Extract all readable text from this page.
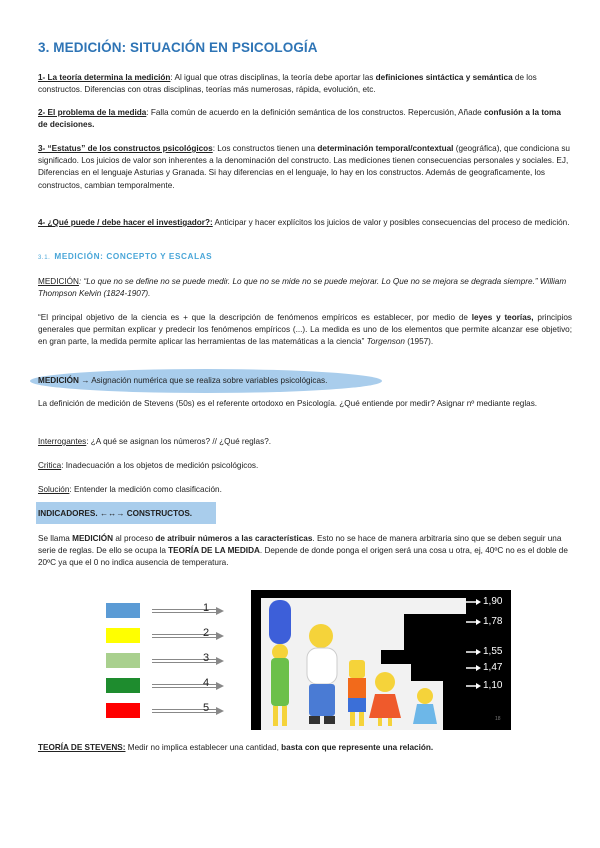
3. MEDICIÓN: SITUACIÓN EN PSICOLOGÍA

1- La teoría determina la medición: Al igual que otras disciplinas, la teoría debe aportar las definiciones sintáctica y semántica de los constructos. Diferencias con otras disciplinas, teorías más numerosas, rápida, evolución, etc.

2- El problema de la medida: Falla común de acuerdo en la definición semántica de los constructos. Repercusión, Añade confusión a la toma de decisiones.

3- “Estatus” de los constructos psicológicos: Los constructos tienen una determinación temporal/contextual (geográfica), que condiciona su significado. Los juicios de valor son inherentes a la denominación del constructo. Las mediciones tienen consecuencias personales y sociales. EJ, Diferencias en el lenguaje Asturias y Granada. Si hay diferencias en el lenguaje, lo hay en los constructos. Además de geograficamente, los constructos, cambian temporalmente.

4- ¿Qué puede / debe hacer el investigador?: Anticipar y hacer explícitos los juicios de valor y posibles consecuencias del proceso de medición.

3.1. MEDICIÓN: CONCEPTO Y ESCALAS

MEDICIÓN: “Lo que no se define no se puede medir. Lo que no se mide no se puede mejorar. Lo Que no se mejora se degrada siempre.” William Thompson Kelvin (1824-1907).

“El principal objetivo de la ciencia es + que la descripción de fenómenos empíricos es establecer, por medio de leyes y teorías, principios generales que permitan explicar y predecir los fenómenos empíricos (...). La medida es uno de los elementos que permite alcanzar ese objetivo; en gran parte, la medida permite aplicar las herramientas de las matemáticas a la ciencia” Torgenson (1957).

MEDICIÓN → Asignación numérica que se realiza sobre variables psicológicas.

La definición de medición de Stevens (50s) es el referente ortodoxo en Psicología. ¿Qué entiende por medir? Asignar nº mediante reglas.

Interrogantes: ¿A qué se asignan los números? // ¿Qué reglas?.

Critica: Inadecuación a los objetos de medición psicológicos.

Solución: Entender la medición como clasificación.

INDICADORES. ←↔→ CONSTRUCTOS.

Se llama MEDICIÓN al proceso de atribuir números a las características. Esto no se hace de manera arbitraria sino que se deben seguir una serie de reglas. De ello se ocupa la TEORÍA DE LA MEDIDA. Depende de donde ponga el origen será una cosa u otra, ej, 40ºC no es el doble de 20ºC ya que el 0 no indica ausencia de temperatura.

1
2
3
4
5
1,90
1,78
1,55
1,47
1,10
18

TEORÍA DE STEVENS: Medir no implica establecer una cantidad, basta con que represente una relación.
